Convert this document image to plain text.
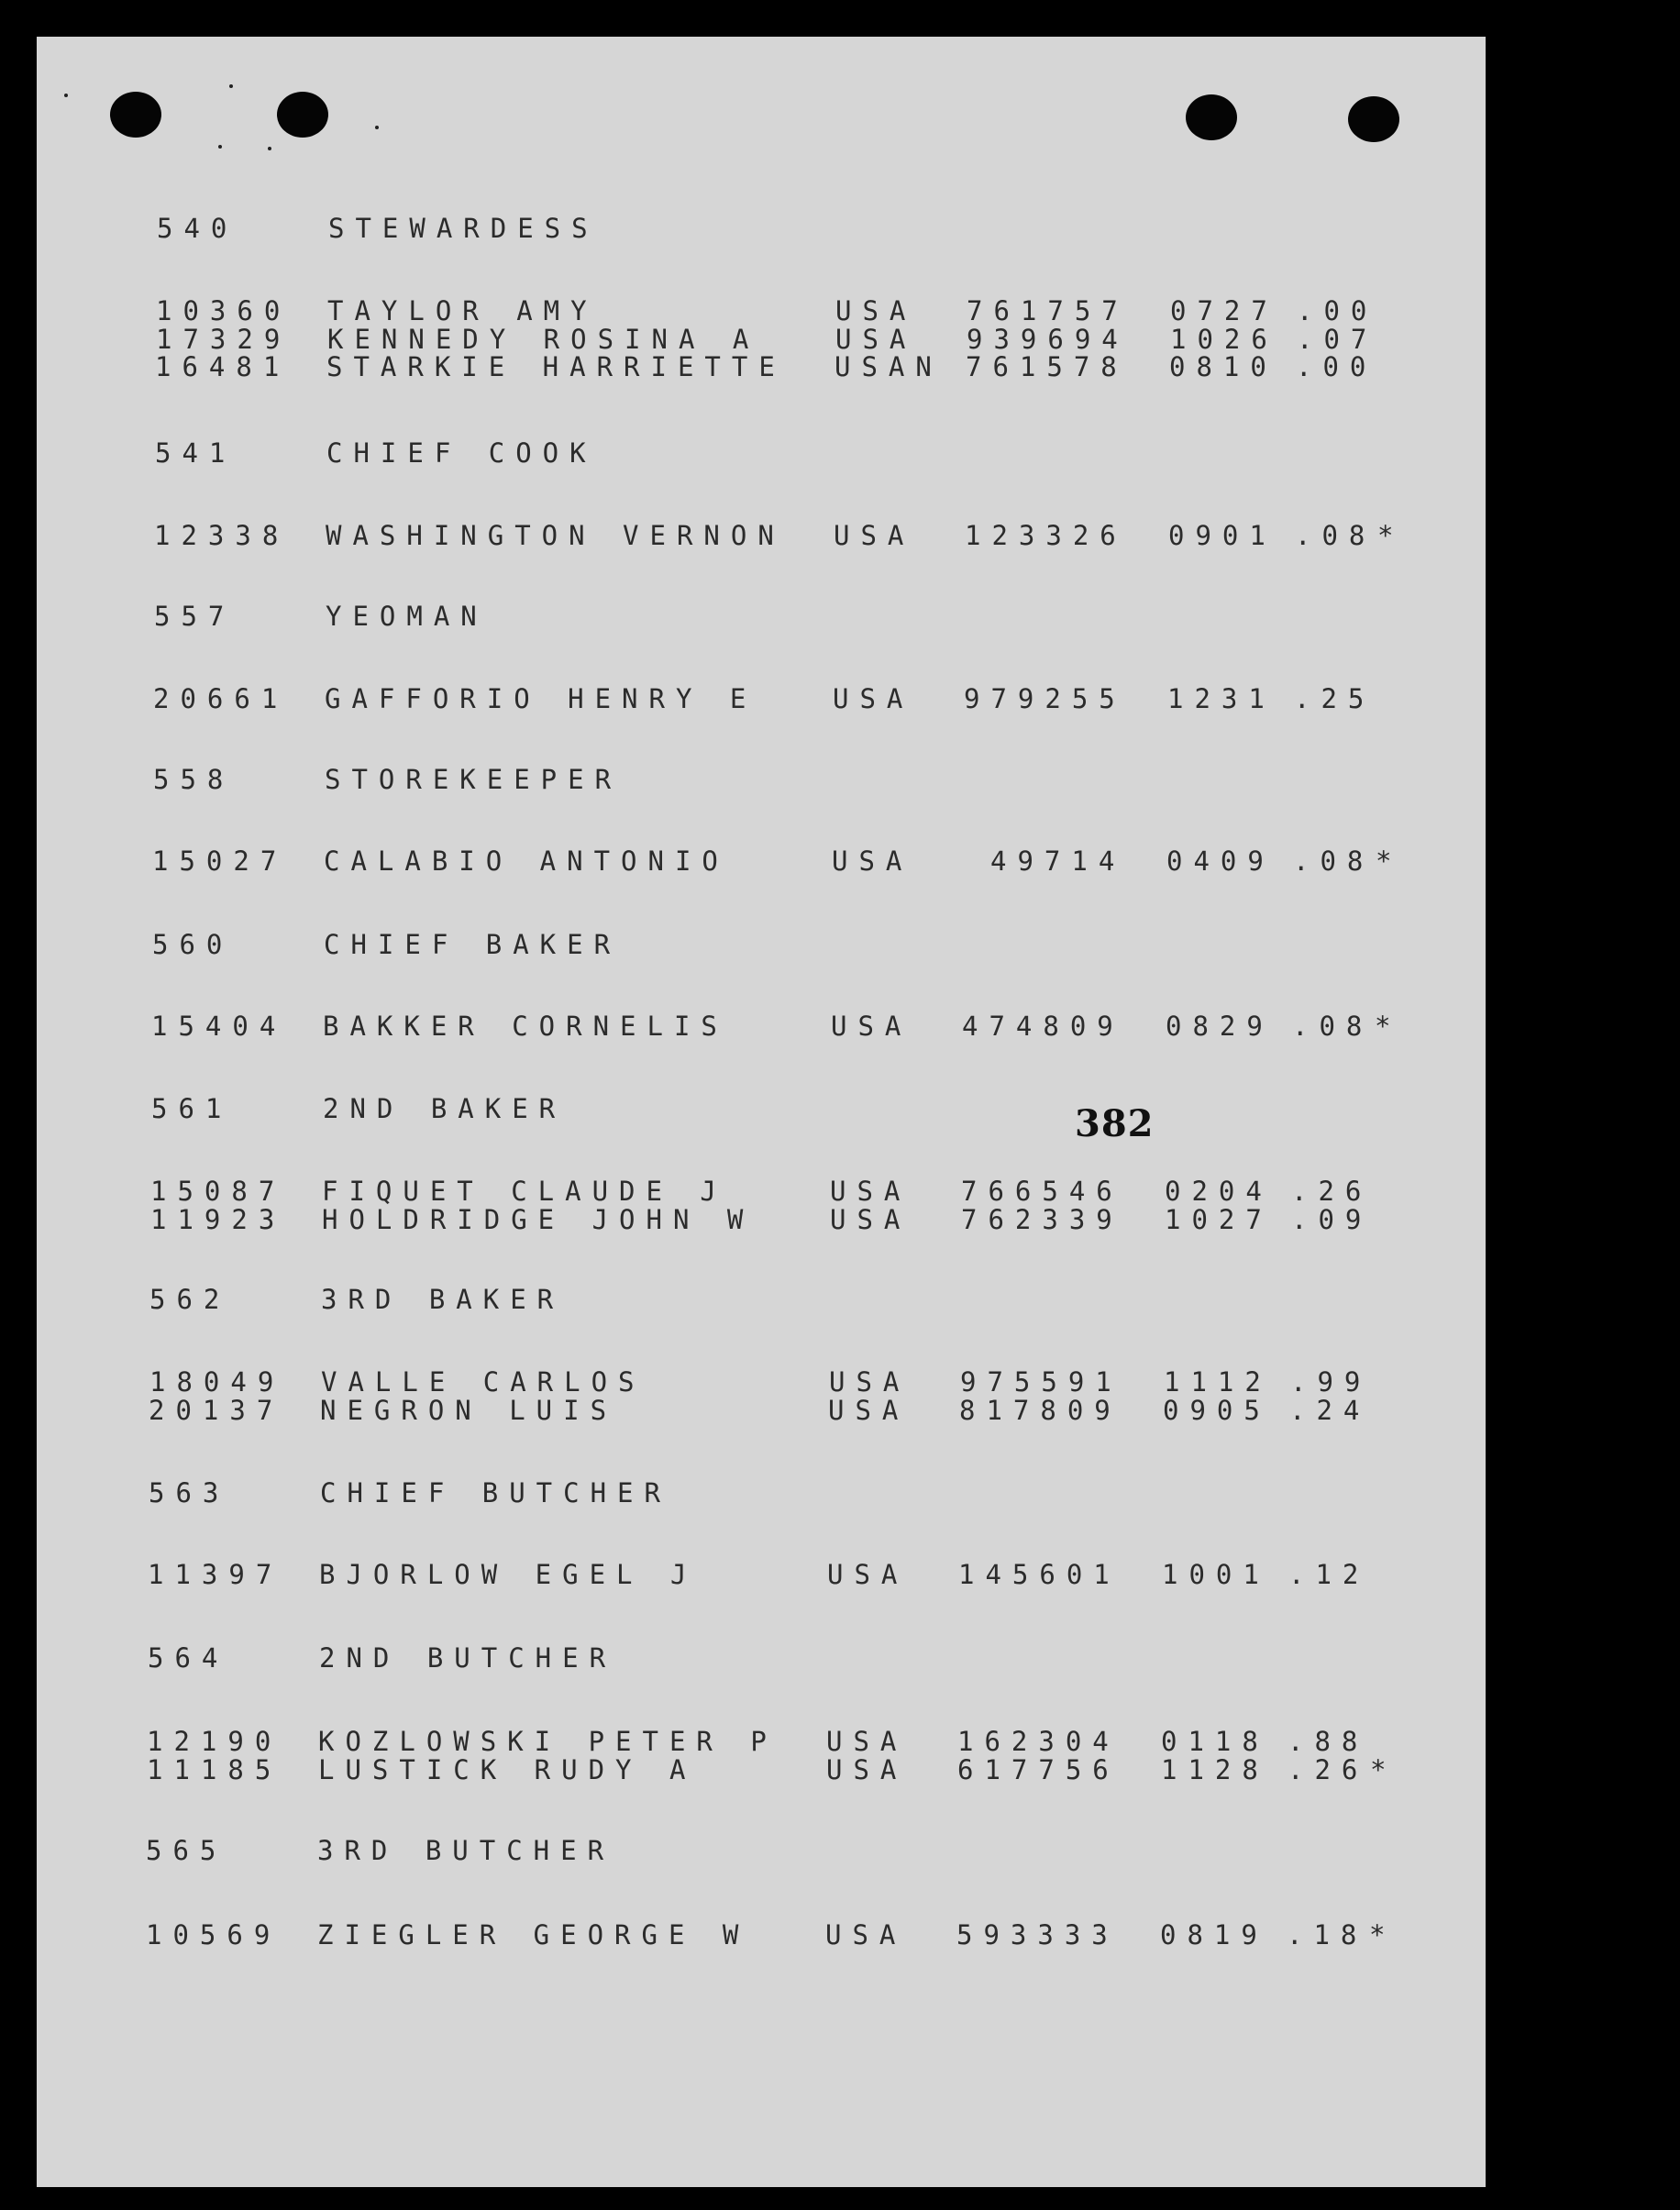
540	STEWARDESS

10360 TAYLOR AMY	USA 761757 0727 .00

17329 KENNEDY ROSINA A	USA 939694 1026 .07

16481 STARKIE HARRIETTE USAN 761578 0810 .00

541	CHIEF COOK

12338 WASHINGTON VERNON USA 123326 0901 .08 *

557	YEOMAN

20661 GAFFORIO HENRY E	USA 979255 1231 .25

558	STOREKEEPER

15027 CALABIO ANTONIO	USA	49714 0409 .08 *

560	CHIEF BAKER

15404 BAKKER CORNELIS	USA 474809 0829 .08 *

561	2ND BAKER

15087 FIQUET CLAUDE J	USA 766546 0204 .26

11923 HOLDRIDGE JOHN W	USA 762339 1027 .09

562	3RD BAKER

18049 VALLE CARLOS	USA 975591 1112 .99

20137 NEGRON LUIS	USA 817809 0905 .24

563	CHIEF BUTCHER

11397 BJORLOW EGEL J	USA 145601 1001 .12

564	2ND BUTCHER

12190 KOZLOWSKI PETER P USA 162304 0118 .88

11185 LUSTICK RUDY A	USA 617756 1128 .26 *

565	3RD BUTCHER

10569 ZIEGLER GEORGE W	USA 593333 0819 .18 *

382
